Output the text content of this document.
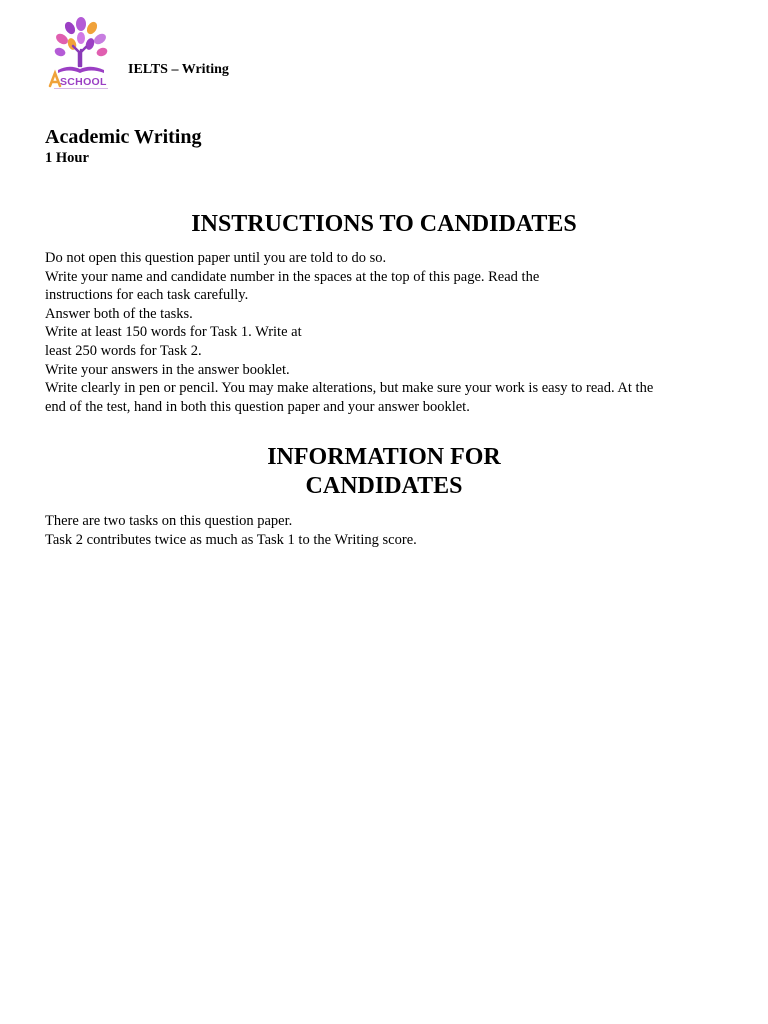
SCHOOL
IELTS – Writing
Academic Writing
1 Hour
INSTRUCTIONS TO CANDIDATES
Do not open this question paper until you are told to do so.
Write your name and candidate number in the spaces at the top of this page. Read the
instructions for each task carefully.
Answer both of the tasks.
Write at least 150 words for Task 1. Write at
least 250 words for Task 2.
Write your answers in the answer booklet.
Write clearly in pen or pencil. You may make alterations, but make sure your work is easy to read. At the
end of the test, hand in both this question paper and your answer booklet.
INFORMATION FOR
CANDIDATES
There are two tasks on this question paper.
Task 2 contributes twice as much as Task 1 to the Writing score.
